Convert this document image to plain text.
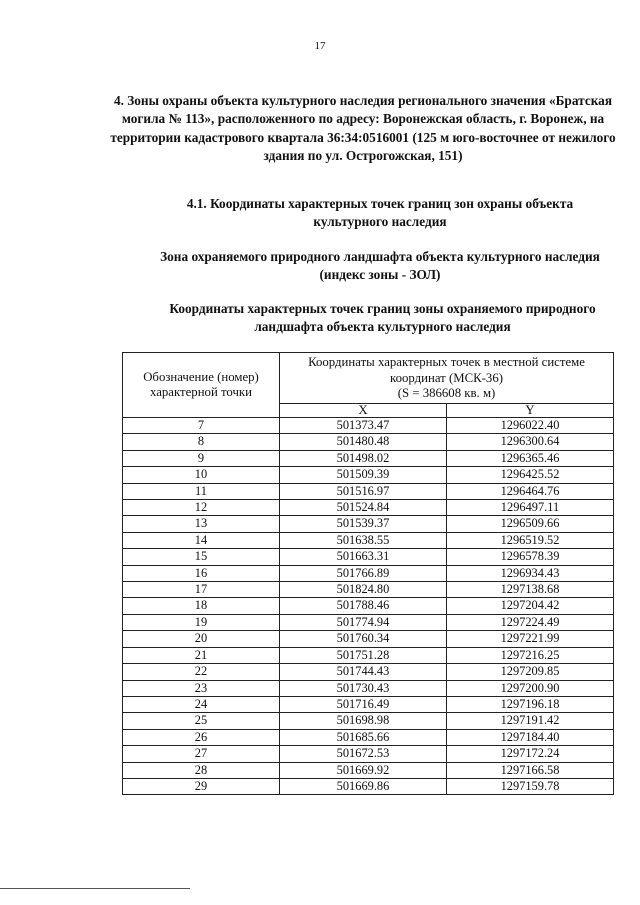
17
4. Зоны охраны объекта культурного наследия регионального значения «Братская могила № 113», расположенного по адресу: Воронежская область, г. Воронеж, на территории кадастрового квартала 36:34:0516001 (125 м юго-восточнее от нежилого здания по ул. Острогожская, 151)
4.1. Координаты характерных точек границ зон охраны объекта культурного наследия
Зона охраняемого природного ландшафта объекта культурного наследия (индекс зоны - ЗОЛ)
Координаты характерных точек границ зоны охраняемого природного ландшафта объекта культурного наследия
Обозначение (номер) характерной точки	Координаты характерных точек в местной системе координат (МСК-36)
(S = 386608 кв. м)	
	X	Y
7	501373.47	1296022.40
8	501480.48	1296300.64
9	501498.02	1296365.46
10	501509.39	1296425.52
11	501516.97	1296464.76
12	501524.84	1296497.11
13	501539.37	1296509.66
14	501638.55	1296519.52
15	501663.31	1296578.39
16	501766.89	1296934.43
17	501824.80	1297138.68
18	501788.46	1297204.42
19	501774.94	1297224.49
20	501760.34	1297221.99
21	501751.28	1297216.25
22	501744.43	1297209.85
23	501730.43	1297200.90
24	501716.49	1297196.18
25	501698.98	1297191.42
26	501685.66	1297184.40
27	501672.53	1297172.24
28	501669.92	1297166.58
29	501669.86	1297159.78
